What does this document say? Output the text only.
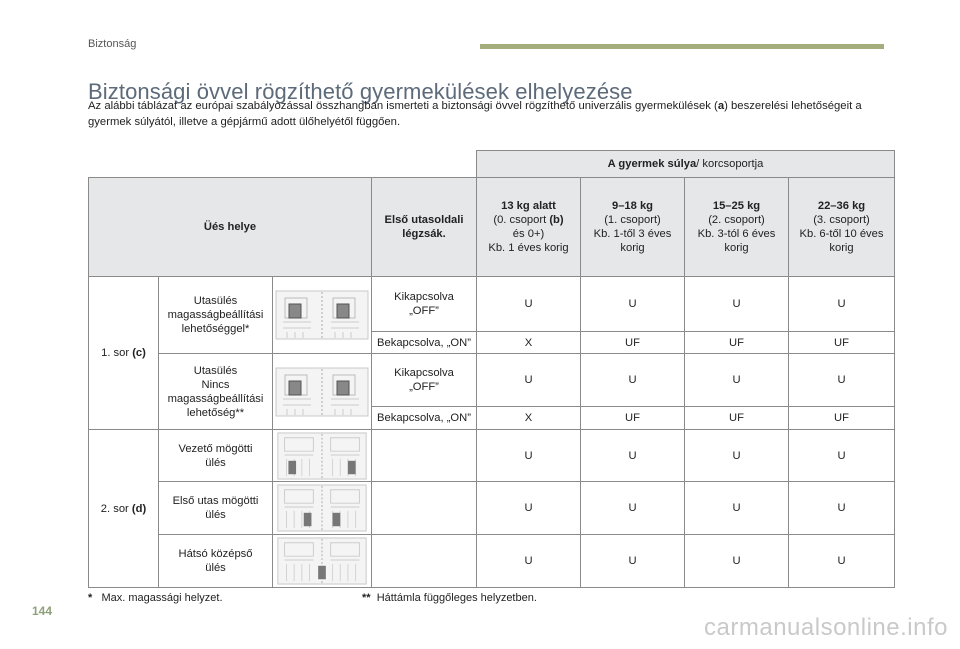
Biztonság
Biztonsági övvel rögzíthető gyermekülések elhelyezése

Az alábbi táblázat az európai szabályozással összhangban ismerteti a biztonsági övvel rögzíthető univerzális gyermekülések (a) beszerelési lehetőségeit a gyermek súlyától, illetve a gépjármű adott ülőhelyétől függően.

				A gyermek súlya/ korcsoportja			
Üés helye			Első utasoldali légzsák.	13 kg alatt
(0. csoport (b)
és 0+)
Kb. 1 éves korig	9–18 kg
(1. csoport)
Kb. 1-től 3 éves
korig	15–25 kg
(2. csoport)
Kb. 3-tól 6 éves
korig	22–36 kg
(3. csoport)
Kb. 6-től 10 éves
korig
1. sor (c)	Utasülés
magasságbeállítási
lehetőséggel*		Kikapcsolva
„OFF”	U	U	U	U
			Bekapcsolva, „ON”	X	UF	UF	UF
	Utasülés
Nincs
magasságbeállítási
lehetőség**		Kikapcsolva
„OFF”	U	U	U	U
			Bekapcsolva, „ON”	X	UF	UF	UF
2. sor (d)	Vezető mögötti
ülés			U	U	U	U
	Első utas mögötti
ülés			U	U	U	U
	Hátsó középső
ülés			U	U	U	U
* Max. magassági helyzet.	** Háttámla függőleges helyzetben.
144
carmanualsonline.info
